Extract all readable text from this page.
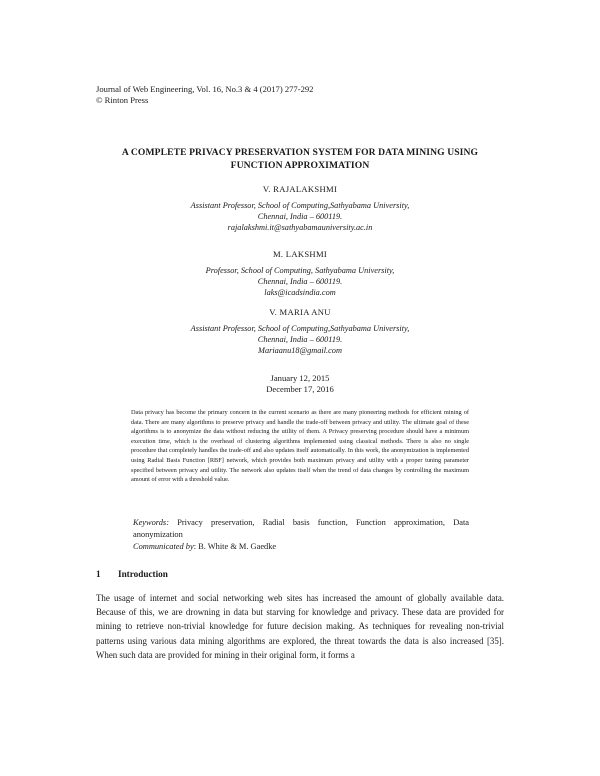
Journal of Web Engineering, Vol. 16, No.3 & 4 (2017) 277-292
© Rinton Press
A COMPLETE PRIVACY PRESERVATION SYSTEM FOR DATA MINING USING
FUNCTION APPROXIMATION
V. RAJALAKSHMI
Assistant Professor, School of Computing,Sathyabama University,
Chennai, India – 600119.
rajalakshmi.it@sathyabamauniversity.ac.in
M. LAKSHMI
Professor, School of Computing, Sathyabama University,
Chennai, India – 600119.
laks@icadsindia.com
V. MARIA ANU
Assistant Professor, School of Computing,Sathyabama University,
Chennai, India – 600119.
Mariaanu18@gmail.com
January 12, 2015
December 17, 2016
Data privacy has become the primary concern in the current scenario as there are many pioneering methods for efficient mining of data. There are many algorithms to preserve privacy and handle the trade-off between privacy and utility. The ultimate goal of these algorithms is to anonymize the data without reducing the utility of them. A Privacy preserving procedure should have a minimum execution time, which is the overhead of clustering algorithms implemented using classical methods. There is also no single procedure that completely handles the trade-off and also updates itself automatically. In this work, the anonymization is implemented using Radial Basis Function [RBF] network, which provides both maximum privacy and utility with a proper tuning parameter specified between privacy and utility. The network also updates itself when the trend of data changes by controlling the maximum amount of error with a threshold value.
Keywords: Privacy preservation, Radial basis function, Function approximation, Data anonymization
Communicated by: B. White & M. Gaedke
1 Introduction
The usage of internet and social networking web sites has increased the amount of globally available data. Because of this, we are drowning in data but starving for knowledge and privacy. These data are provided for mining to retrieve non-trivial knowledge for future decision making. As techniques for revealing non-trivial patterns using various data mining algorithms are explored, the threat towards the data is also increased [35]. When such data are provided for mining in their original form, it forms a
